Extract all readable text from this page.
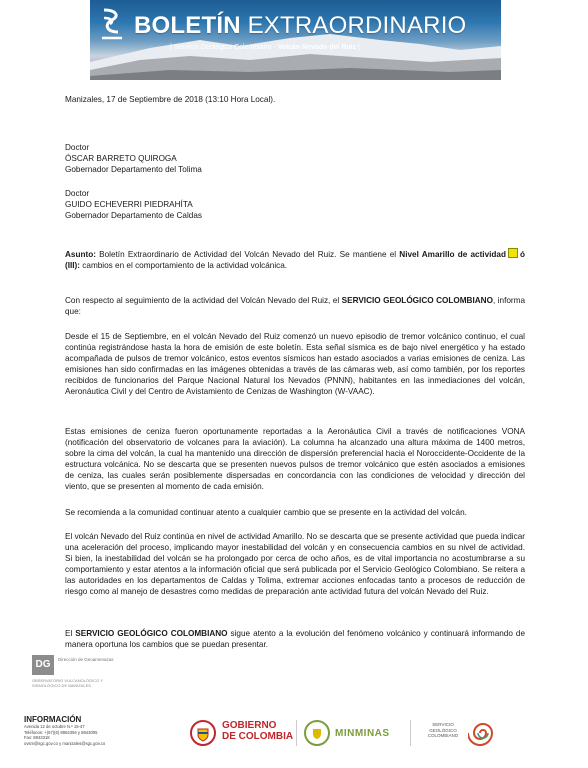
BOLETÍN EXTRAORDINARIO
| Servicio Geológico Colombiano - Volcán Nevado del Ruiz |
Manizales, 17 de Septiembre de 2018 (13:10 Hora Local).
Doctor
ÓSCAR BARRETO QUIROGA
Gobernador Departamento del Tolima
Doctor
GUIDO ECHEVERRI PIEDRAHÍTA
Gobernador Departamento de Caldas
Asunto: Boletín Extraordinario de Actividad del Volcán Nevado del Ruiz. Se mantiene el Nivel Amarillo de actividad ó (III): cambios en el comportamiento de la actividad volcánica.
Con respecto al seguimiento de la actividad del Volcán Nevado del Ruiz, el SERVICIO GEOLÓGICO COLOMBIANO, informa que:
Desde el 15 de Septiembre, en el volcán Nevado del Ruiz comenzó un nuevo episodio de tremor volcánico continuo, el cual continúa registrándose hasta la hora de emisión de este boletín. Esta señal sísmica es de bajo nivel energético y ha estado acompañada de pulsos de tremor volcánico, estos eventos sísmicos han estado asociados a varias emisiones de ceniza. Las emisiones han sido confirmadas en las imágenes obtenidas a través de las cámaras web, así como también, por los reportes recibidos de funcionarios del Parque Nacional Natural los Nevados (PNNN), habitantes en las inmediaciones del volcán, Aeronáutica Civil y del Centro de Avistamiento de Cenizas de Washington (W-VAAC).
Estas emisiones de ceniza fueron oportunamente reportadas a la Aeronáutica Civil a través de notificaciones VONA (notificación del observatorio de volcanes para la aviación). La columna ha alcanzado una altura máxima de 1400 metros, sobre la cima del volcán, la cual ha mantenido una dirección de dispersión preferencial hacia el Noroccidente-Occidente de la estructura volcánica. No se descarta que se presenten nuevos pulsos de tremor volcánico que estén asociados a emisiones de ceniza, las cuales serán posiblemente dispersadas en concordancia con las condiciones de velocidad y dirección del viento, que se presenten al momento de cada emisión.
Se recomienda a la comunidad continuar atento a cualquier cambio que se presente en la actividad del volcán.
El volcán Nevado del Ruiz continúa en nivel de actividad Amarillo. No se descarta que se presente actividad que pueda indicar una aceleración del proceso, implicando mayor inestabilidad del volcán y en consecuencia cambios en su nivel de actividad. Si bien, la inestabilidad del volcán se ha prolongado por cerca de ocho años, es de vital importancia no acostumbrarse a su comportamiento y estar atentos a la información oficial que será publicada por el Servicio Geológico Colombiano. Se reitera a las autoridades en los departamentos de Caldas y Tolima, extremar acciones enfocadas tanto a procesos de reducción de riesgo como al manejo de desastres como medidas de preparación ante actividad futura del volcán Nevado del Ruiz.
El SERVICIO GEOLÓGICO COLOMBIANO sigue atento a la evolución del fenómeno volcánico y continuará informando de manera oportuna los cambios que se puedan presentar.
DG	Dirección de Geoamenazas
OBSERVATORIO VULCANOLÓGICO Y SISMOLÓGICO DE MANIZALES
INFORMACIÓN
Avenida 12 de octubre N.º 15-47
Teléfonos: +(57)(6) 8864394 y 8843005
Fax: 8843318
ovsm@sgc.gov.co y manizales@sgc.gov.co
GOBIERNO
DE COLOMBIA	MINMINAS
SERVICIO
GEOLÓGICO
COLOMBIANO
